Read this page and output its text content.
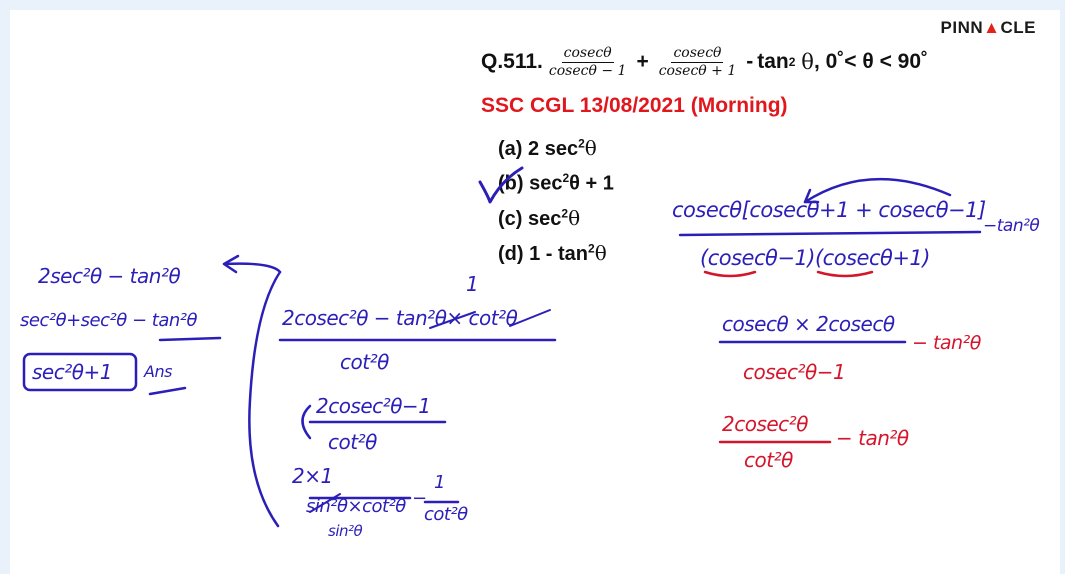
PINN▲CLE
Q.511. $\frac{cosec\theta}{cosec\theta - 1} + \frac{cosec\theta}{cosec\theta + 1} - \tan 2$
θ , 0˚< θ < 90˚
SSC CGL 13/08/2021 (Morning)
(a) 2 $\sec^2\theta$
(b) $\sec^2\theta + 1$
(c) $\sec^2\theta$
(d) $1 - \tan^2\theta$
cosecθ[cosecθ+1 + cosecθ−1]
−tan²θ
(cosecθ−1)(cosecθ+1)
cosecθ × 2cosecθ
− tan²θ
cosec²θ−1
2cosec²θ
cot²θ
− tan²θ
1
2cosec²θ − tan²θ× cot²θ
cot²θ
2cosec²θ−1
cot²θ
2×1
sin²θ×cot²θ −
1
cot²θ
sin²θ
2sec²θ − tan²θ
sec²θ+sec²θ − tan²θ
sec²θ+1 Ans
